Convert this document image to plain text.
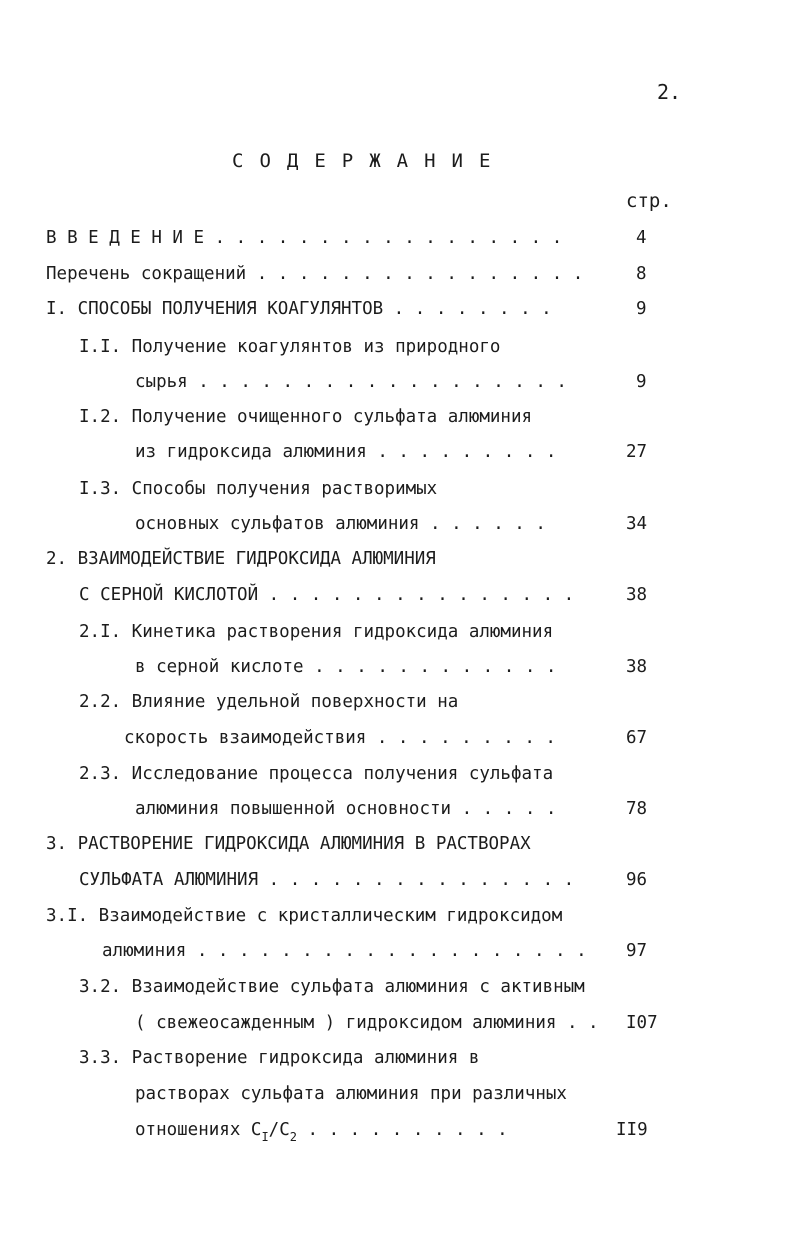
2.
С О Д Е Р Ж А Н И Е
стр.
В В Е Д Е Н И Е . . . . . . . . . . . . . . . . .	4
Перечень сокращений . . . . . . . . . . . . . . . .	8
I. СПОСОБЫ ПОЛУЧЕНИЯ КОАГУЛЯНТОВ . . . . . . . .	9
I.I. Получение коагулянтов из природного
сырья . . . . . . . . . . . . . . . . . .	9
I.2. Получение очищенного сульфата алюминия
из гидроксида алюминия . . . . . . . . .	27
I.3. Способы получения растворимых
основных сульфатов алюминия . . . . . .	34
2. ВЗАИМОДЕЙСТВИЕ ГИДРОКСИДА АЛЮМИНИЯ
С СЕРНОЙ КИСЛОТОЙ . . . . . . . . . . . . . . .	38
2.I. Кинетика растворения гидроксида алюминия
в серной кислоте . . . . . . . . . . . .	38
2.2. Влияние удельной поверхности на
скорость взаимодействия . . . . . . . . .	67
2.3. Исследование процесса получения сульфата
алюминия повышенной основности . . . . .	78
3. РАСТВОРЕНИЕ ГИДРОКСИДА АЛЮМИНИЯ В РАСТВОРАХ
СУЛЬФАТА АЛЮМИНИЯ . . . . . . . . . . . . . . .	96
3.I. Взаимодействие с кристаллическим гидроксидом
алюминия . . . . . . . . . . . . . . . . . . . 97
3.2. Взаимодействие сульфата алюминия с активным
( свежеосажденным ) гидроксидом алюминия . . I07
3.3. Растворение гидроксида алюминия в
растворах сульфата алюминия при различных
отношениях $C_I/C_2$ . . . . . . . . . .	II9
